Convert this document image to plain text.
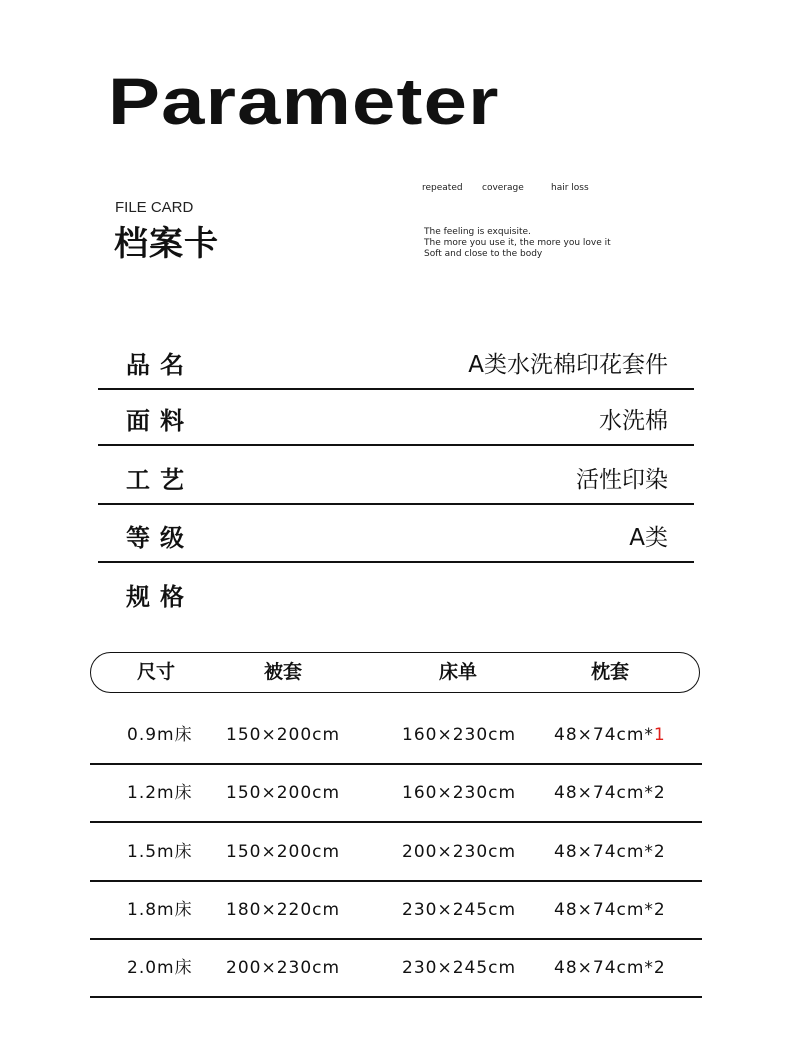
Parameter
FILE CARD
档案卡
repeated	coverage	hair loss
The feeling is exquisite.
The more you use it, the more you love it
Soft and close to the body
品名	A类水洗棉印花套件
面料	水洗棉
工艺	活性印染
等级	A类
规格
尺寸	被套	床单	枕套
0.9m床 150×200cm	160×230cm 48×74cm*1
1.2m床 150×200cm	160×230cm 48×74cm*2
1.5m床 150×200cm	200×230cm 48×74cm*2
1.8m床 180×220cm	230×245cm 48×74cm*2
2.0m床 200×230cm	230×245cm 48×74cm*2
